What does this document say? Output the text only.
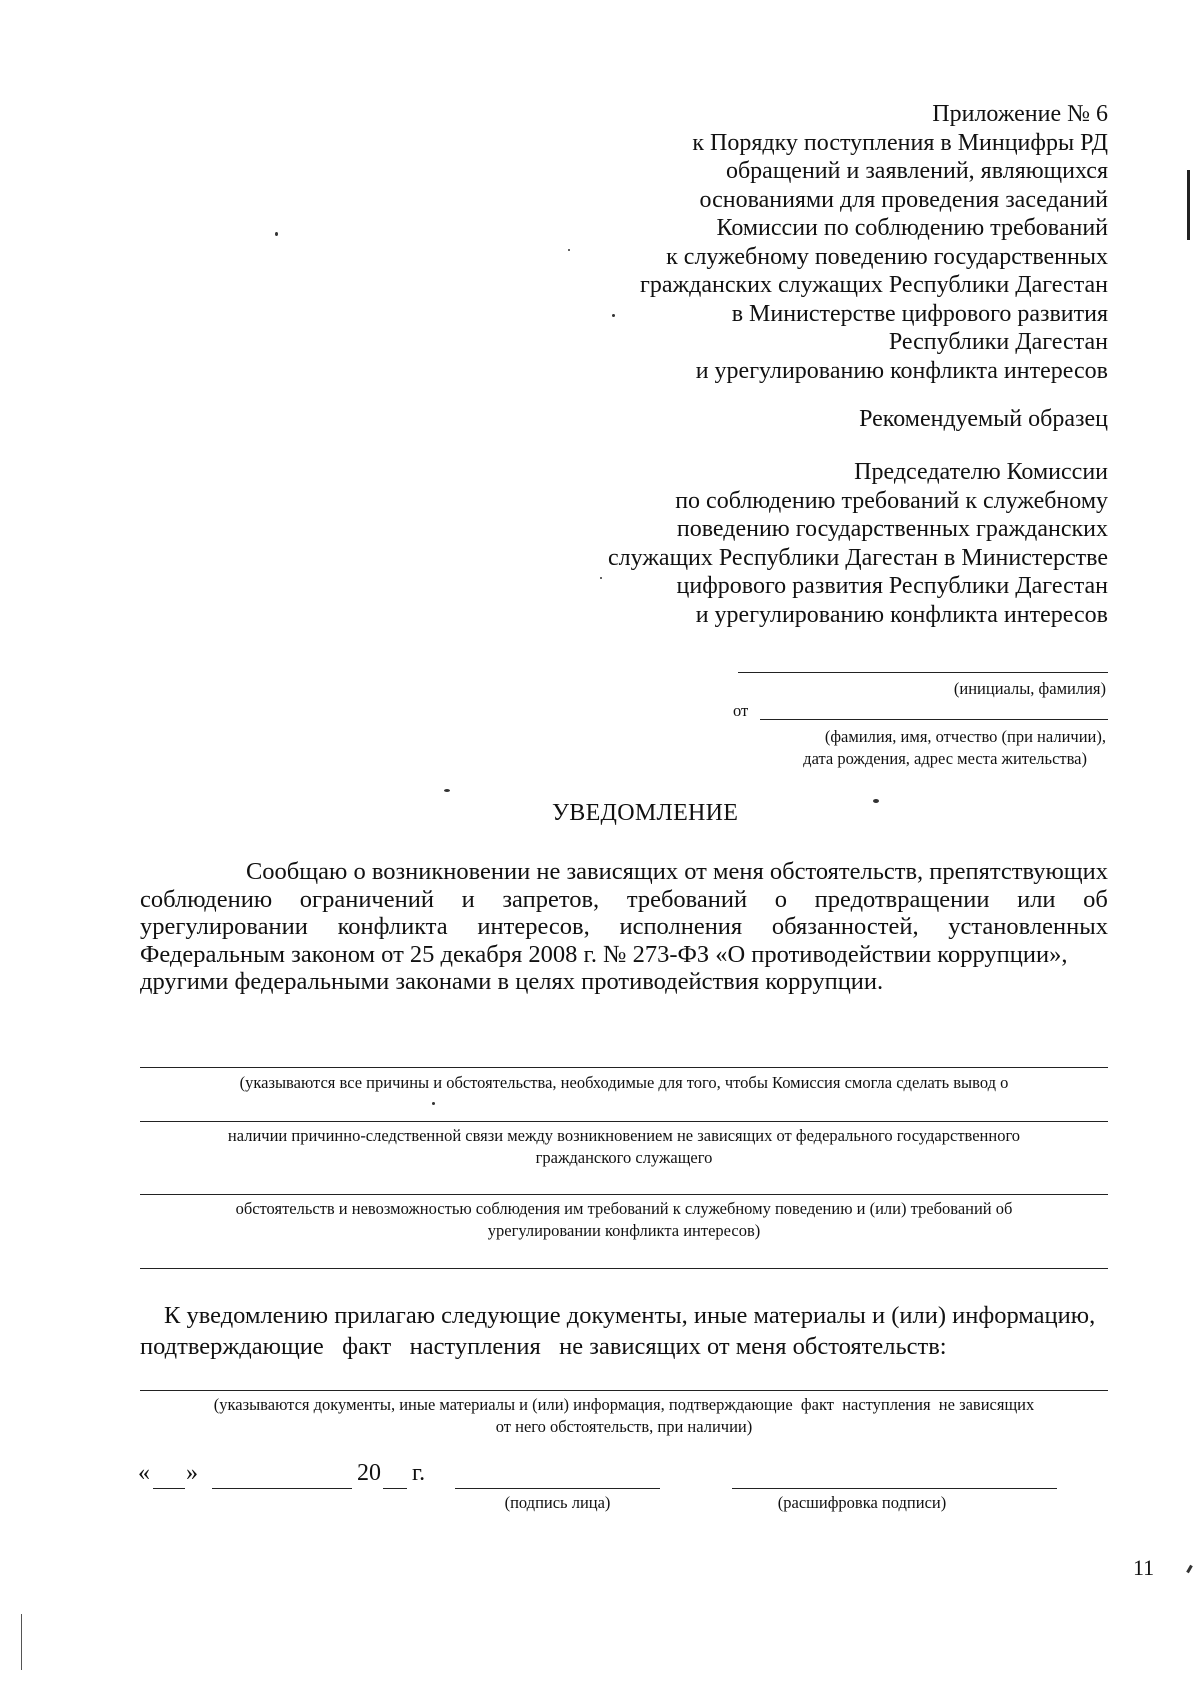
Приложение № 6
к Порядку поступления в Минцифры РД
обращений и заявлений, являющихся
основаниями для проведения заседаний
Комиссии по соблюдению требований
к служебному поведению государственных
гражданских служащих Республики Дагестан
в Министерстве цифрового развития
Республики Дагестан
и урегулированию конфликта интересов
Рекомендуемый образец
Председателю Комиссии
по соблюдению требований к служебному
поведению государственных гражданских
служащих Республики Дагестан в Министерстве
цифрового развития Республики Дагестан
и урегулированию конфликта интересов
(инициалы, фамилия)
от
(фамилия, имя, отчество (при наличии),
дата рождения, адрес места жительства)
УВЕДОМЛЕНИЕ
Сообщаю о возникновении не зависящих от меня обстоятельств, препятствующих
соблюдению ограничений и запретов, требований о предотвращении или об
урегулировании конфликта интересов, исполнения обязанностей, установленных
Федеральным законом от 25 декабря 2008 г. № 273-ФЗ «О противодействии коррупции»,
другими федеральными законами в целях противодействия коррупции.
(указываются все причины и обстоятельства, необходимые для того, чтобы Комиссия смогла сделать вывод о
наличии причинно-следственной связи между возникновением не зависящих от федерального государственного
гражданского служащего
обстоятельств и невозможностью соблюдения им требований к служебному поведению и (или) требований об
урегулировании конфликта интересов)
К уведомлению прилагаю следующие документы, иные материалы и (или) информацию,
подтверждающие   факт   наступления   не зависящих от меня обстоятельств:
(указываются документы, иные материалы и (или) информация, подтверждающие  факт  наступления  не зависящих
от него обстоятельств, при наличии)
« »	20 г.
(подпись лица)	(расшифровка подписи)
11
